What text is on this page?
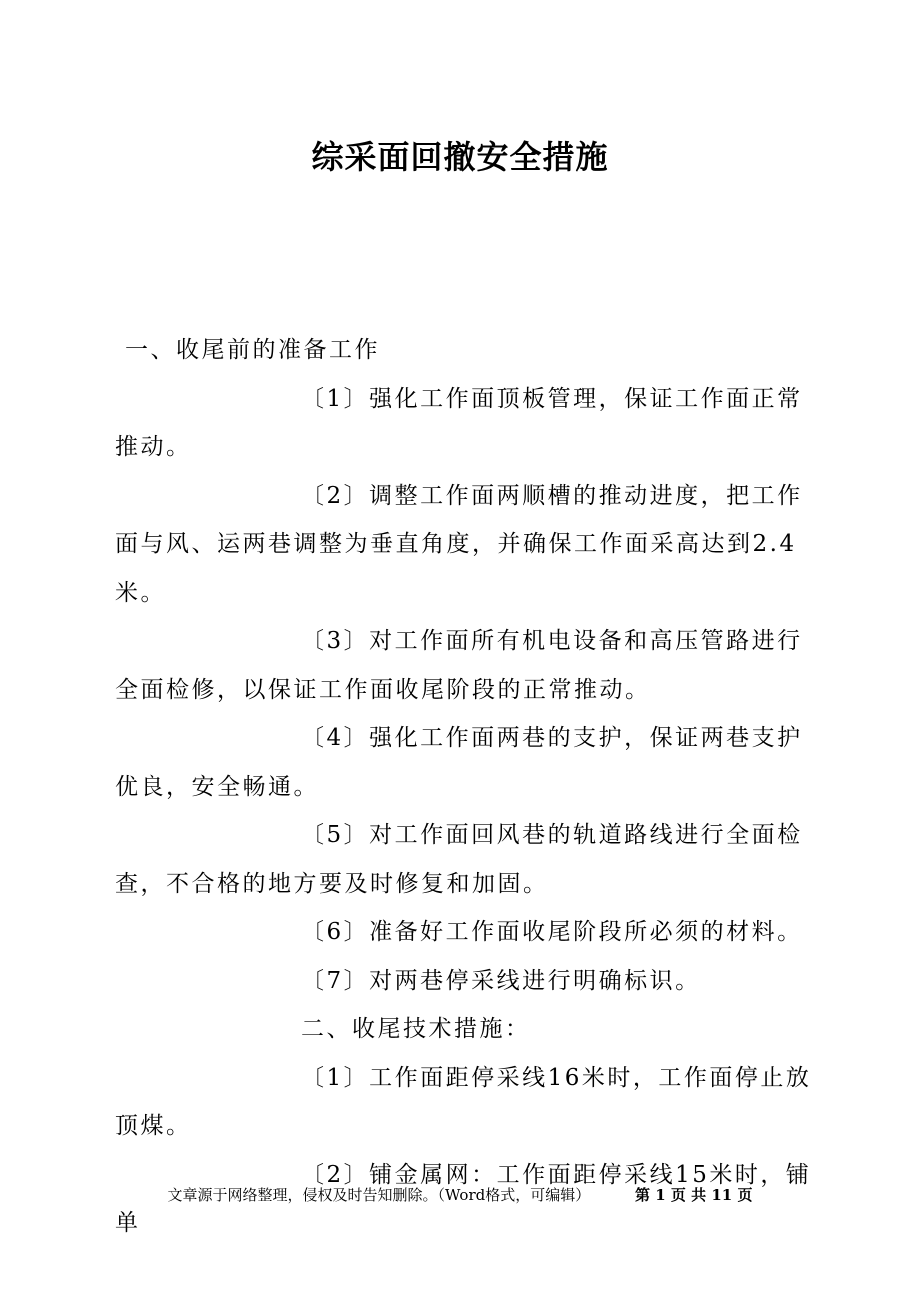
综采面回撤安全措施

一、收尾前的准备工作

〔1〕强化工作面顶板管理，保证工作面正常推动。

〔2〕调整工作面两顺槽的推动进度，把工作面与风、运两巷调整为垂直角度，并确保工作面采高达到2.4米。

〔3〕对工作面所有机电设备和高压管路进行全面检修，以保证工作面收尾阶段的正常推动。

〔4〕强化工作面两巷的支护，保证两巷支护优良，安全畅通。

〔5〕对工作面回风巷的轨道路线进行全面检查，不合格的地方要及时修复和加固。

〔6〕准备好工作面收尾阶段所必须的材料。

〔7〕对两巷停采线进行明确标识。

二、收尾技术措施：

〔1〕工作面距停采线16米时，工作面停止放顶煤。

〔2〕铺金属网：工作面距停采线15米时，铺单

文章源于网络整理，侵权及时告知删除。（Word格式，可编辑）	第 1 页 共 11 页
